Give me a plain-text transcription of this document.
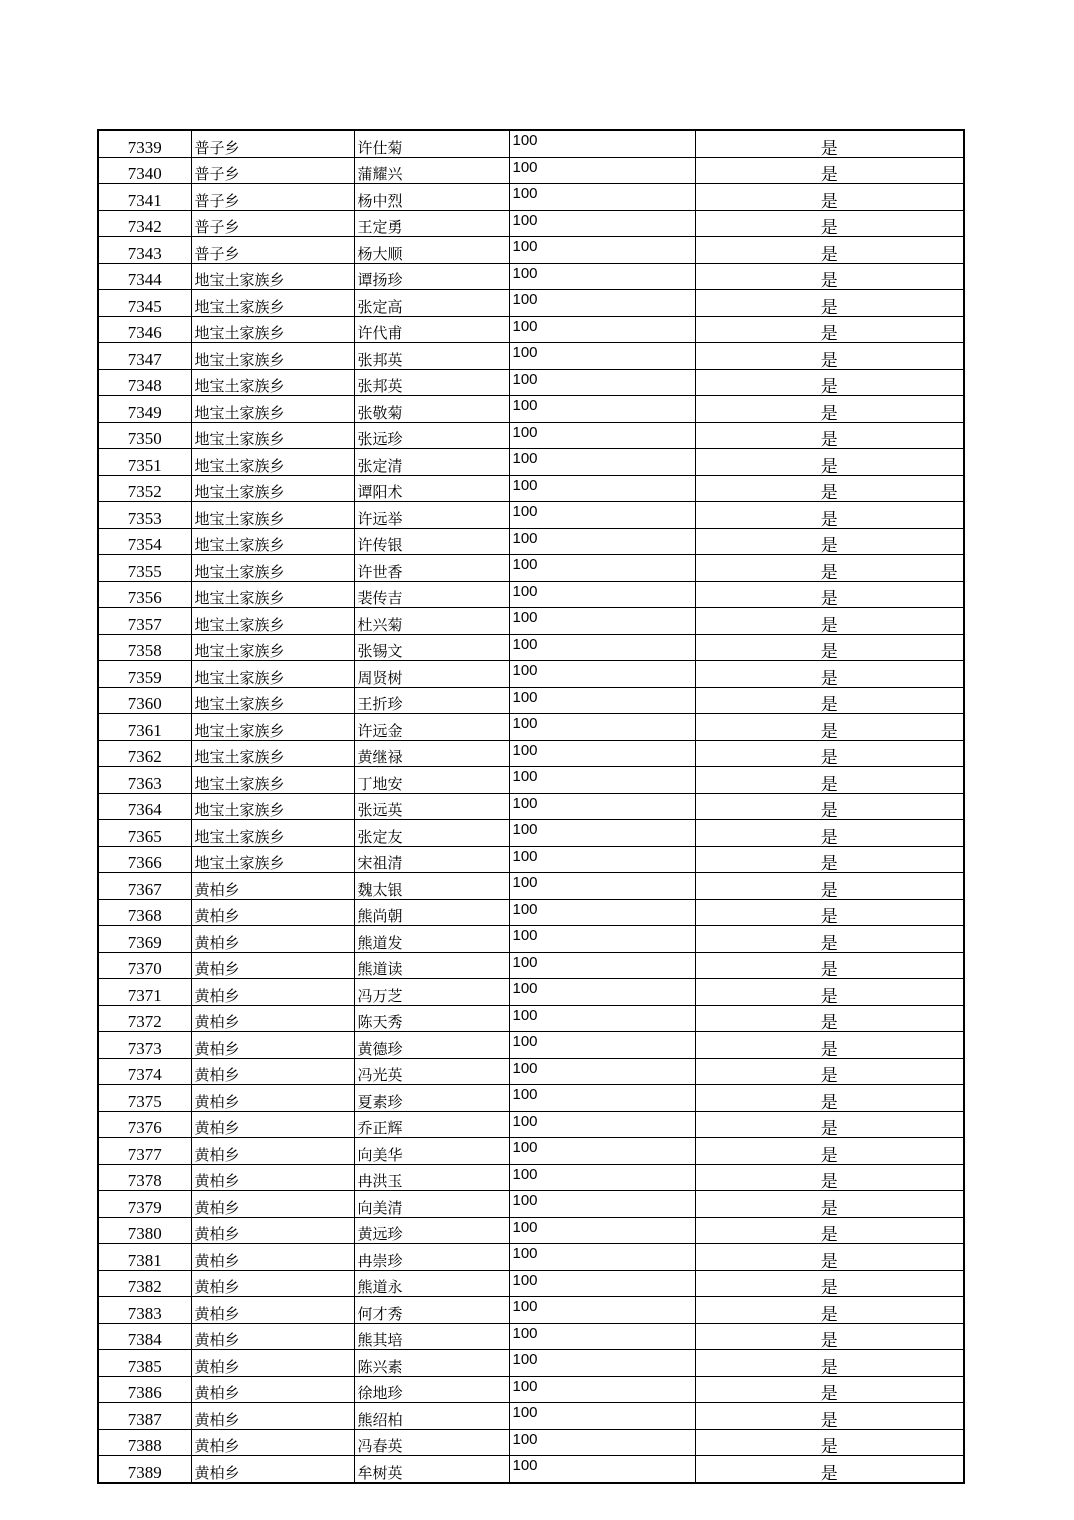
7339	普子乡	许仕菊	100	是
7340	普子乡	蒲耀兴	100	是
7341	普子乡	杨中烈	100	是
7342	普子乡	王定勇	100	是
7343	普子乡	杨大顺	100	是
7344	地宝土家族乡	谭扬珍	100	是
7345	地宝土家族乡	张定高	100	是
7346	地宝土家族乡	许代甫	100	是
7347	地宝土家族乡	张邦英	100	是
7348	地宝土家族乡	张邦英	100	是
7349	地宝土家族乡	张敬菊	100	是
7350	地宝土家族乡	张远珍	100	是
7351	地宝土家族乡	张定清	100	是
7352	地宝土家族乡	谭阳术	100	是
7353	地宝土家族乡	许远举	100	是
7354	地宝土家族乡	许传银	100	是
7355	地宝土家族乡	许世香	100	是
7356	地宝土家族乡	裴传吉	100	是
7357	地宝土家族乡	杜兴菊	100	是
7358	地宝土家族乡	张锡文	100	是
7359	地宝土家族乡	周贤树	100	是
7360	地宝土家族乡	王折珍	100	是
7361	地宝土家族乡	许远金	100	是
7362	地宝土家族乡	黄继禄	100	是
7363	地宝土家族乡	丁地安	100	是
7364	地宝土家族乡	张远英	100	是
7365	地宝土家族乡	张定友	100	是
7366	地宝土家族乡	宋祖清	100	是
7367	黄柏乡	魏太银	100	是
7368	黄柏乡	熊尚朝	100	是
7369	黄柏乡	熊道发	100	是
7370	黄柏乡	熊道读	100	是
7371	黄柏乡	冯万芝	100	是
7372	黄柏乡	陈天秀	100	是
7373	黄柏乡	黄德珍	100	是
7374	黄柏乡	冯光英	100	是
7375	黄柏乡	夏素珍	100	是
7376	黄柏乡	乔正辉	100	是
7377	黄柏乡	向美华	100	是
7378	黄柏乡	冉洪玉	100	是
7379	黄柏乡	向美清	100	是
7380	黄柏乡	黄远珍	100	是
7381	黄柏乡	冉崇珍	100	是
7382	黄柏乡	熊道永	100	是
7383	黄柏乡	何才秀	100	是
7384	黄柏乡	熊其培	100	是
7385	黄柏乡	陈兴素	100	是
7386	黄柏乡	徐地珍	100	是
7387	黄柏乡	熊绍柏	100	是
7388	黄柏乡	冯春英	100	是
7389	黄柏乡	牟树英	100	是
